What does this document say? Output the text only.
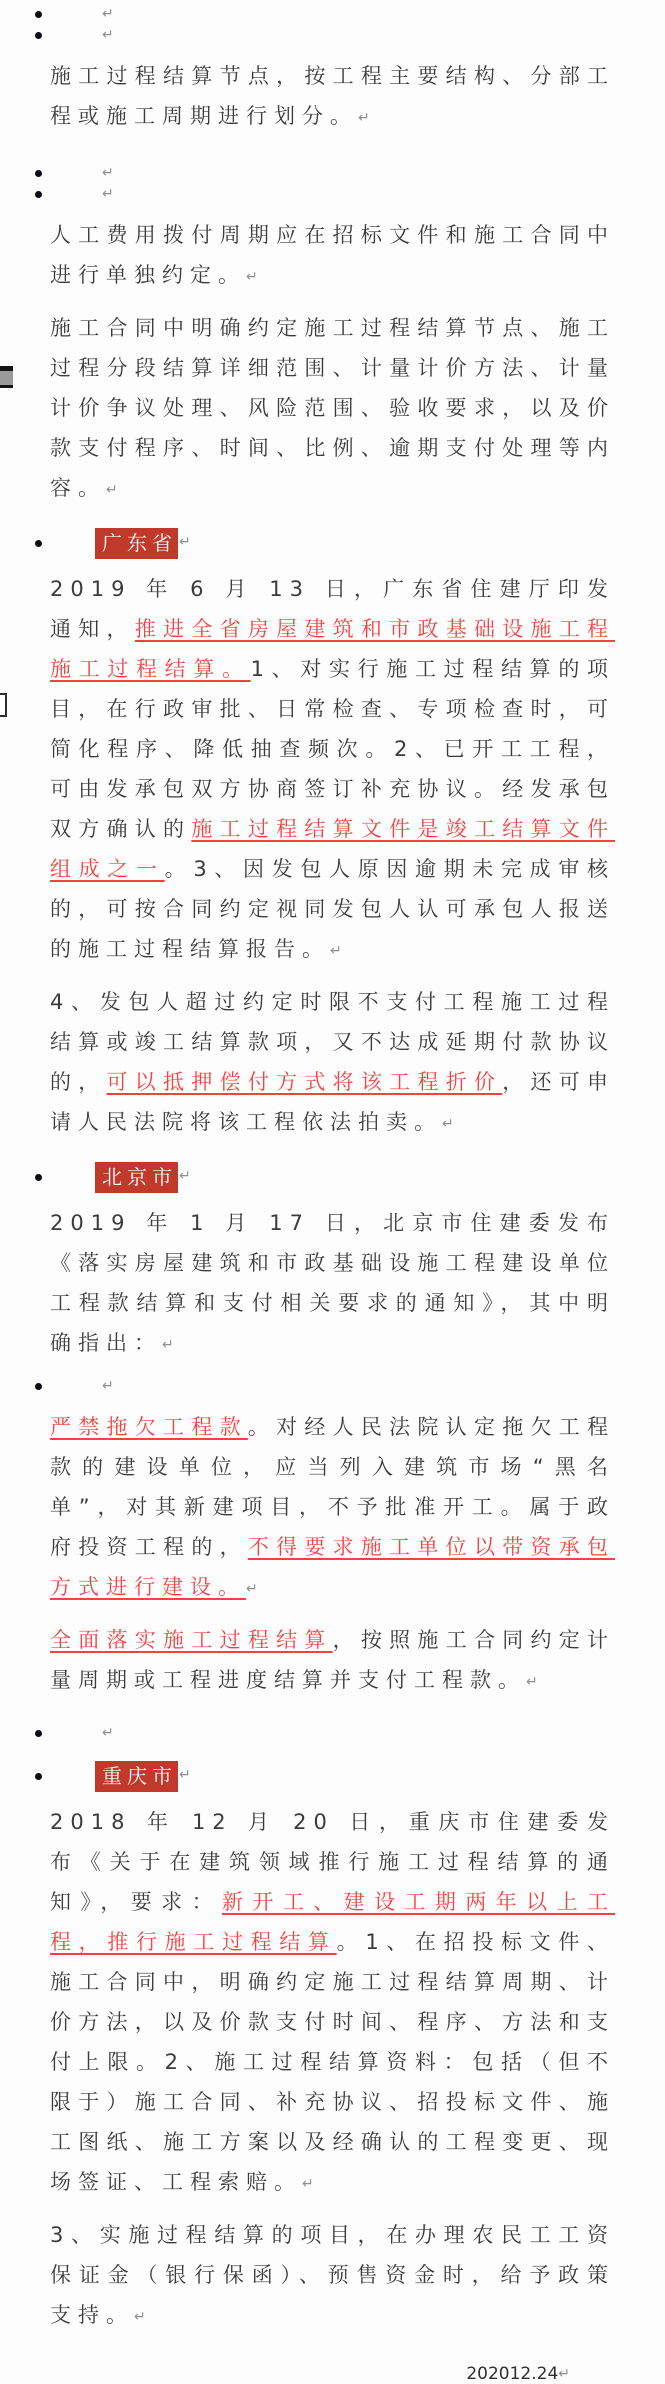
↵
↵

施工过程结算节点，按工程主要结构、分部工程或施工周期进行划分。↵

↵
↵

人工费用拨付周期应在招标文件和施工合同中进行单独约定。↵

施工合同中明确约定施工过程结算节点、施工过程分段结算详细范围、计量计价方法、计量计价争议处理、风险范围、验收要求，以及价款支付程序、时间、比例、逾期支付处理等内容。↵

广东省 ↵

2019 年 6 月 13 日，广东省住建厅印发通知，推进全省房屋建筑和市政基础设施工程施工过程结算。1、对实行施工过程结算的项目，在行政审批、日常检查、专项检查时，可简化程序、降低抽查频次。2、已开工工程，可由发承包双方协商签订补充协议。经发承包双方确认的施工过程结算文件是竣工结算文件组成之一。3、因发包人原因逾期未完成审核的，可按合同约定视同发包人认可承包人报送的施工过程结算报告。↵

4、发包人超过约定时限不支付工程施工过程结算或竣工结算款项，又不达成延期付款协议的，可以抵押偿付方式将该工程折价，还可申请人民法院将该工程依法拍卖。↵

北京市 ↵

2019 年 1 月 17 日，北京市住建委发布《落实房屋建筑和市政基础设施工程建设单位工程款结算和支付相关要求的通知》，其中明确指出：↵

↵

严禁拖欠工程款。对经人民法院认定拖欠工程款的建设单位，应当列入建筑市场“黑名单”，对其新建项目，不予批准开工。属于政府投资工程的，不得要求施工单位以带资承包方式进行建设。↵

全面落实施工过程结算，按照施工合同约定计量周期或工程进度结算并支付工程款。↵

↵
重庆市 ↵

2018 年 12 月 20 日，重庆市住建委发布《关于在建筑领域推行施工过程结算的通知》，要求：新开工、建设工期两年以上工程，推行施工过程结算。1、在招投标文件、施工合同中，明确约定施工过程结算周期、计价方法，以及价款支付时间、程序、方法和支付上限。2、施工过程结算资料：包括（但不限于）施工合同、补充协议、招投标文件、施工图纸、施工方案以及经确认的工程变更、现场签证、工程索赔。↵

3、实施过程结算的项目，在办理农民工工资保证金（银行保函）、预售资金时，给予政策支持。↵

202012.24↵
